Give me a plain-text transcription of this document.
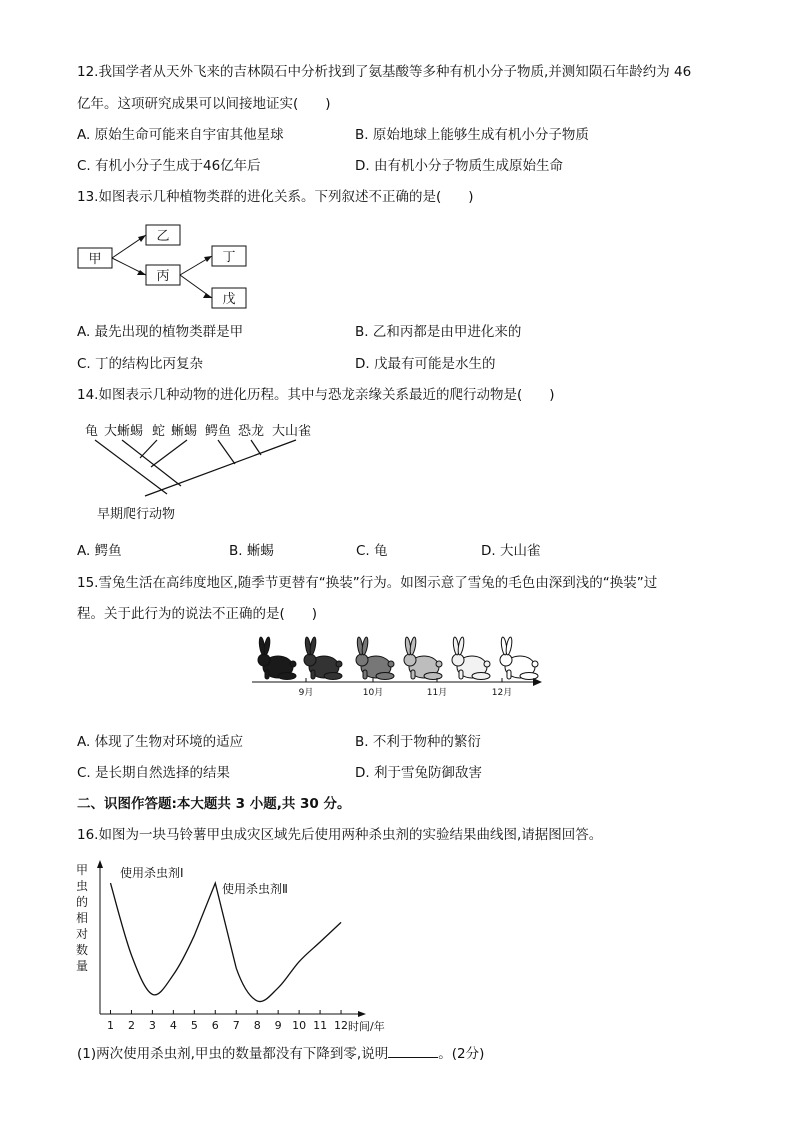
12.我国学者从天外飞来的吉林陨石中分析找到了氨基酸等多种有机小分子物质,并测知陨石年龄约为 46
亿年。这项研究成果可以间接地证实(　　)
A. 原始生命可能来自宇宙其他星球	B. 原始地球上能够生成有机小分子物质
C. 有机小分子生成于46亿年后	D. 由有机小分子物质生成原始生命
13.如图表示几种植物类群的进化关系。下列叙述不正确的是(　　)
甲
乙
丙
丁
戊
A. 最先出现的植物类群是甲	B. 乙和丙都是由甲进化来的
C. 丁的结构比丙复杂	D. 戊最有可能是水生的
14.如图表示几种动物的进化历程。其中与恐龙亲缘关系最近的爬行动物是(　　)
龟 大蜥蜴 蛇 蜥蜴 鳄鱼 恐龙 大山雀
早期爬行动物
A. 鳄鱼	B. 蜥蜴	C. 龟	D. 大山雀
15.雪兔生活在高纬度地区,随季节更替有“换装”行为。如图示意了雪兔的毛色由深到浅的“换装”过
程。关于此行为的说法不正确的是(　　)
9月	10月	11月	12月
A. 体现了生物对环境的适应	B. 不利于物种的繁衍
C. 是长期自然选择的结果	D. 利于雪兔防御敌害
二、识图作答题:本大题共 3 小题,共 30 分。
16.如图为一块马铃薯甲虫成灾区域先后使用两种杀虫剂的实验结果曲线图,请据图回答。
甲
虫
的
相
对
数
量
1 2 3 4 5 6 7 8 9 10 11 12 时间/年
使用杀虫剂Ⅰ
使用杀虫剂Ⅱ
(1)两次使用杀虫剂,甲虫的数量都没有下降到零,说明	。(2分)
